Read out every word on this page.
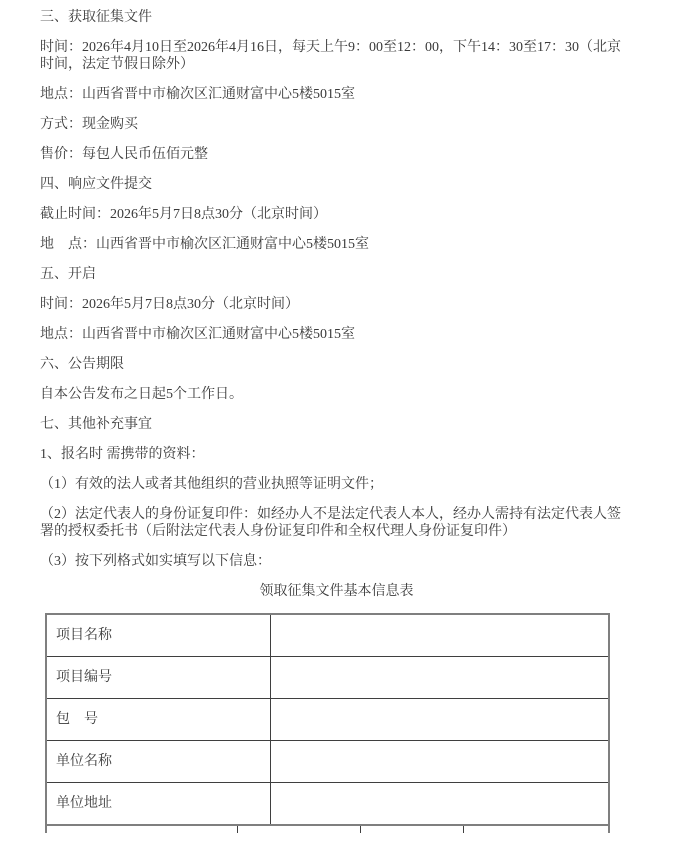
三、获取征集文件

时间：2026年4月10日至2026年4月16日，每天上午9：00至12：00，下午14：30至17：30（北京时间，法定节假日除外）

地点：山西省晋中市榆次区汇通财富中心5楼5015室

方式：现金购买

售价：每包人民币伍佰元整

四、响应文件提交

截止时间：2026年5月7日8点30分（北京时间）

地　点：山西省晋中市榆次区汇通财富中心5楼5015室

五、开启

时间：2026年5月7日8点30分（北京时间）

地点：山西省晋中市榆次区汇通财富中心5楼5015室

六、公告期限

自本公告发布之日起5个工作日。

七、其他补充事宜

1、报名时 需携带的资料：

（1）有效的法人或者其他组织的营业执照等证明文件；

（2）法定代表人的身份证复印件：如经办人不是法定代表人本人，经办人需持有法定代表人签署的授权委托书（后附法定代表人身份证复印件和全权代理人身份证复印件）

（3）按下列格式如实填写以下信息：

领取征集文件基本信息表

项目名称	
项目编号	
包　号	
单位名称	
单位地址	
